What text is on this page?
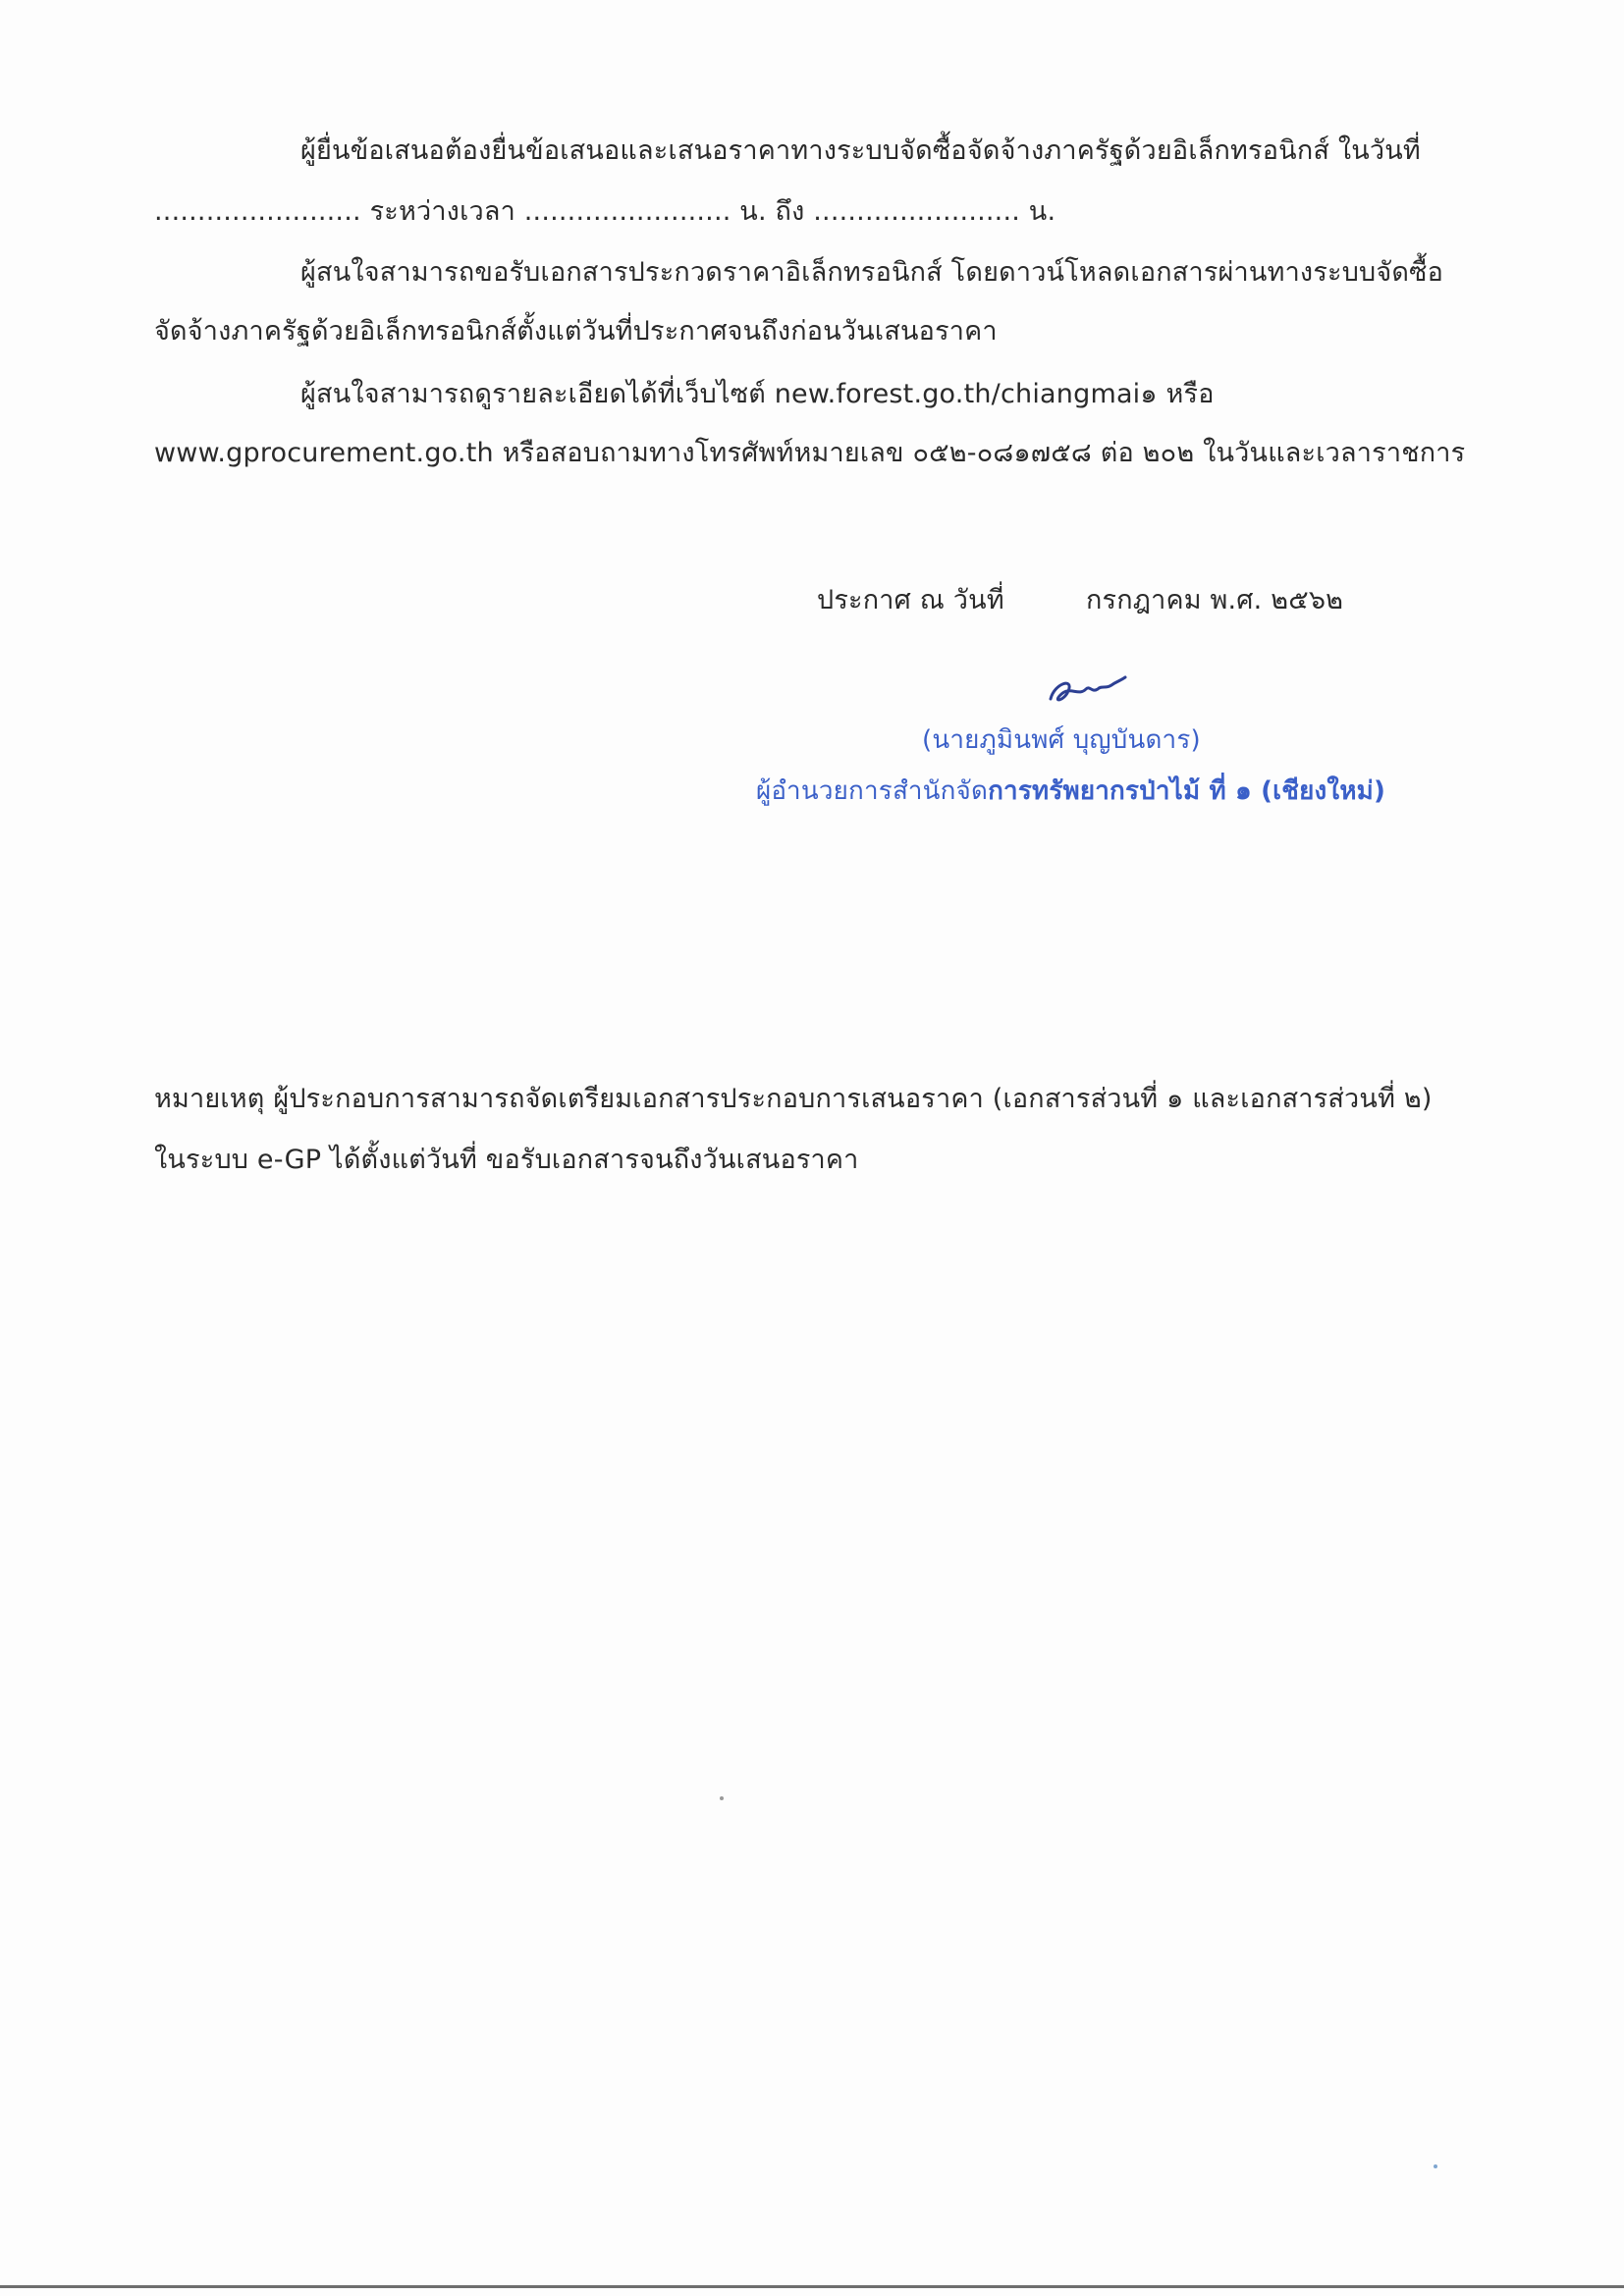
ผู้ยื่นข้อเสนอต้องยื่นข้อเสนอและเสนอราคาทางระบบจัดซื้อจัดจ้างภาครัฐด้วยอิเล็กทรอนิกส์ ในวันที่
........................ ระหว่างเวลา ........................ น. ถึง ........................ น.
ผู้สนใจสามารถขอรับเอกสารประกวดราคาอิเล็กทรอนิกส์ โดยดาวน์โหลดเอกสารผ่านทางระบบจัดซื้อ
จัดจ้างภาครัฐด้วยอิเล็กทรอนิกส์ตั้งแต่วันที่ประกาศจนถึงก่อนวันเสนอราคา
ผู้สนใจสามารถดูรายละเอียดได้ที่เว็บไซต์ new.forest.go.th/chiangmai๑ หรือ
www.gprocurement.go.th หรือสอบถามทางโทรศัพท์หมายเลข ๐๕๒-๐๘๑๗๕๘ ต่อ ๒๐๒ ในวันและเวลาราชการ
ประกาศ ณ วันที่	กรกฎาคม พ.ศ. ๒๕๖๒
(นายภูมินพศ์ บุญบันดาร)
ผู้อำนวยการสำนักจัดการทรัพยากรป่าไม้ ที่ ๑ (เชียงใหม่)
หมายเหตุ ผู้ประกอบการสามารถจัดเตรียมเอกสารประกอบการเสนอราคา (เอกสารส่วนที่ ๑ และเอกสารส่วนที่ ๒)
ในระบบ e-GP ได้ตั้งแต่วันที่ ขอรับเอกสารจนถึงวันเสนอราคา
